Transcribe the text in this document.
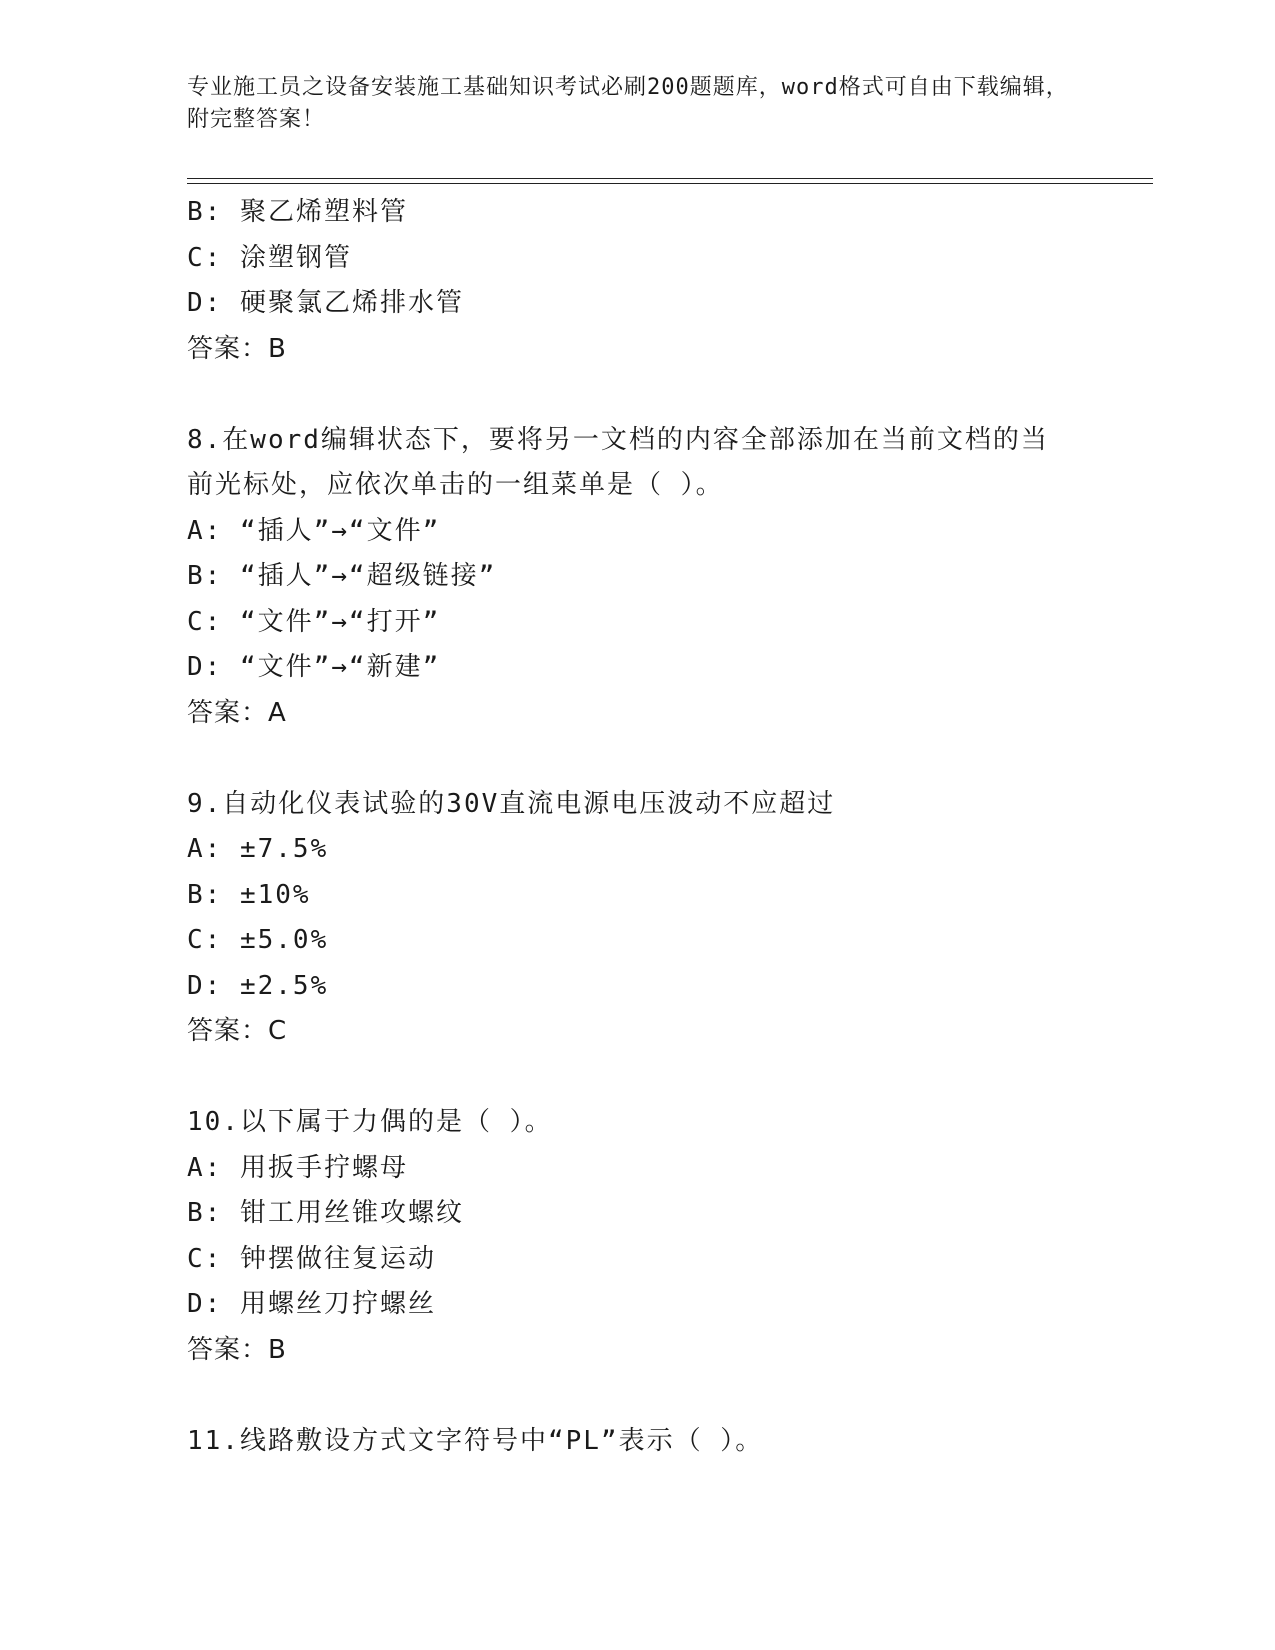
专业施工员之设备安装施工基础知识考试必刷200题题库，word格式可自由下载编辑，附完整答案！
B: 聚乙烯塑料管
C: 涂塑钢管
D: 硬聚氯乙烯排水管
答案：B
8.在word编辑状态下，要将另一文档的内容全部添加在当前文档的当前光标处，应依次单击的一组菜单是（ ）。
A: “插人”→“文件”
B: “插人”→“超级链接”
C: “文件”→“打开”
D: “文件”→“新建”
答案：A
9.自动化仪表试验的30V直流电源电压波动不应超过
A: ±7.5%
B: ±10%
C: ±5.0%
D: ±2.5%
答案：C
10.以下属于力偶的是（ ）。
A: 用扳手拧螺母
B: 钳工用丝锥攻螺纹
C: 钟摆做往复运动
D: 用螺丝刀拧螺丝
答案：B
11.线路敷设方式文字符号中“PL”表示（ ）。
